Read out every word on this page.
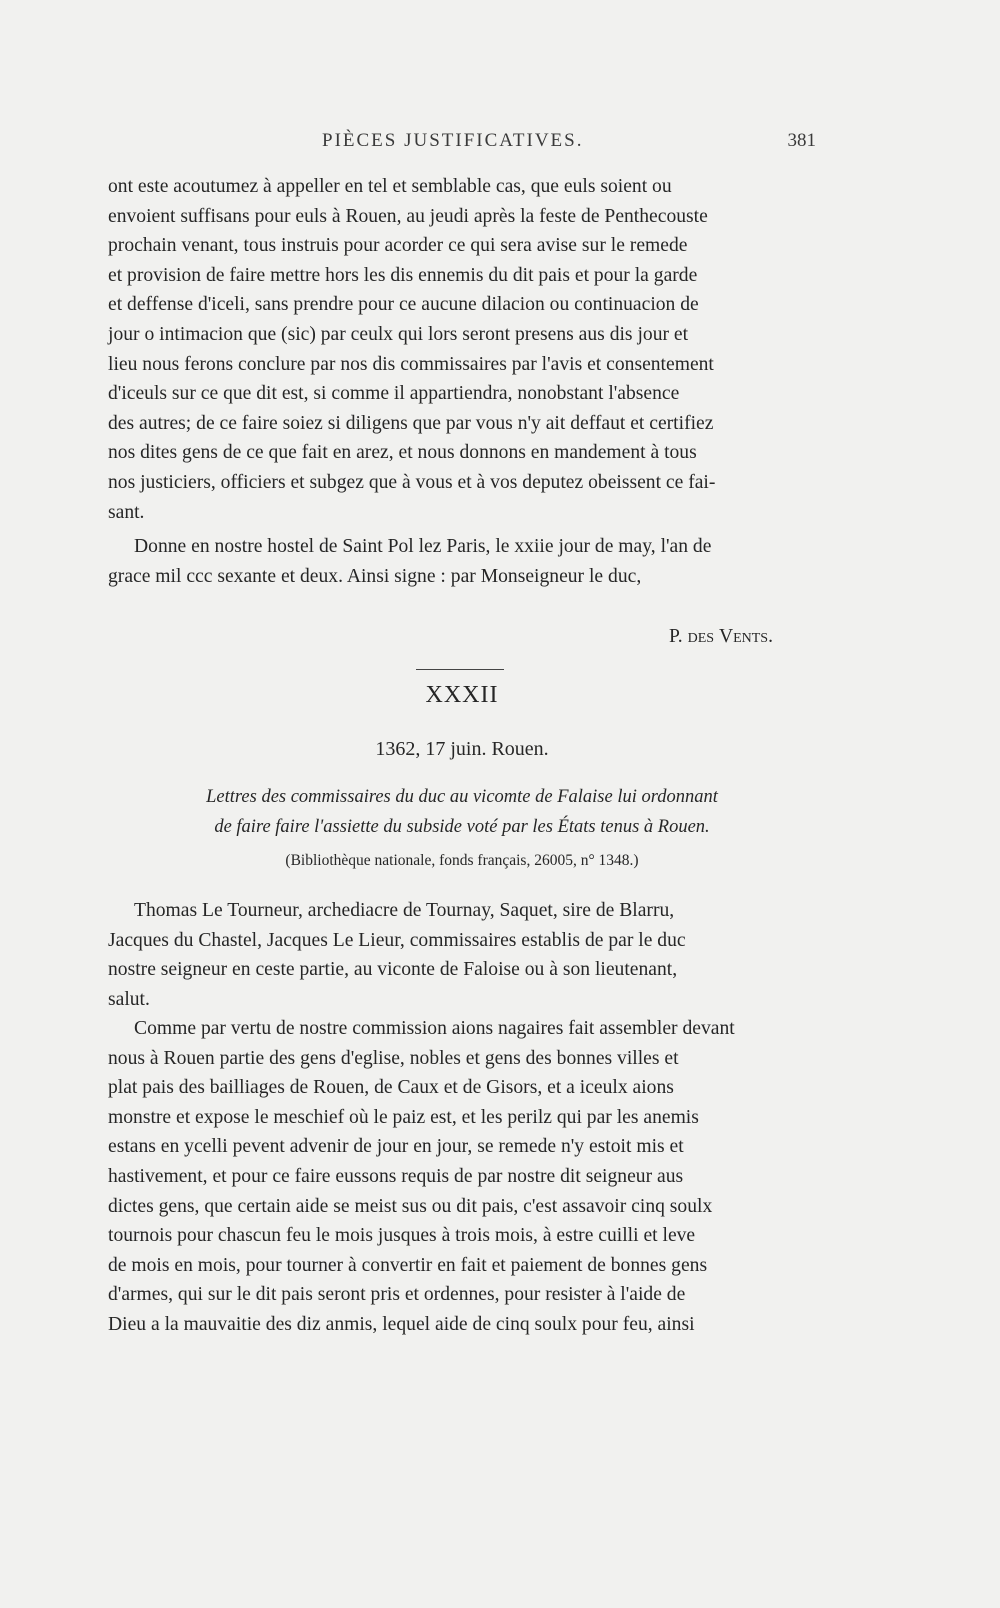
PIÈCES JUSTIFICATIVES.	381

ont este acoutumez à appeller en tel et semblable cas, que euls soient ou

envoient suffisans pour euls à Rouen, au jeudi après la feste de Penthecouste

prochain venant, tous instruis pour acorder ce qui sera avise sur le remede

et provision de faire mettre hors les dis ennemis du dit pais et pour la garde

et deffense d'iceli, sans prendre pour ce aucune dilacion ou continuacion de

jour o intimacion que (sic) par ceulx qui lors seront presens aus dis jour et

lieu nous ferons conclure par nos dis commissaires par l'avis et consentement

d'iceuls sur ce que dit est, si comme il appartiendra, nonobstant l'absence

des autres; de ce faire soiez si diligens que par vous n'y ait deffaut et certifiez

nos dites gens de ce que fait en arez, et nous donnons en mandement à tous

nos justiciers, officiers et subgez que à vous et à vos deputez obeissent ce fai-

sant.

Donne en nostre hostel de Saint Pol lez Paris, le xxiie jour de may, l'an de

grace mil ccc sexante et deux. Ainsi signe : par Monseigneur le duc,

P. des Vents.
XXXII
1362, 17 juin. Rouen.
Lettres des commissaires du duc au vicomte de Falaise lui ordonnant
de faire faire l'assiette du subside voté par les États tenus à Rouen.
(Bibliothèque nationale, fonds français, 26005, n° 1348.)

Thomas Le Tourneur, archediacre de Tournay, Saquet, sire de Blarru,

Jacques du Chastel, Jacques Le Lieur, commissaires establis de par le duc

nostre seigneur en ceste partie, au viconte de Faloise ou à son lieutenant,

salut.

Comme par vertu de nostre commission aions nagaires fait assembler devant

nous à Rouen partie des gens d'eglise, nobles et gens des bonnes villes et

plat pais des bailliages de Rouen, de Caux et de Gisors, et a iceulx aions

monstre et expose le meschief où le paiz est, et les perilz qui par les anemis

estans en ycelli pevent advenir de jour en jour, se remede n'y estoit mis et

hastivement, et pour ce faire eussons requis de par nostre dit seigneur aus

dictes gens, que certain aide se meist sus ou dit pais, c'est assavoir cinq soulx

tournois pour chascun feu le mois jusques à trois mois, à estre cuilli et leve

de mois en mois, pour tourner à convertir en fait et paiement de bonnes gens

d'armes, qui sur le dit pais seront pris et ordennes, pour resister à l'aide de

Dieu a la mauvaitie des diz anmis, lequel aide de cinq soulx pour feu, ainsi
